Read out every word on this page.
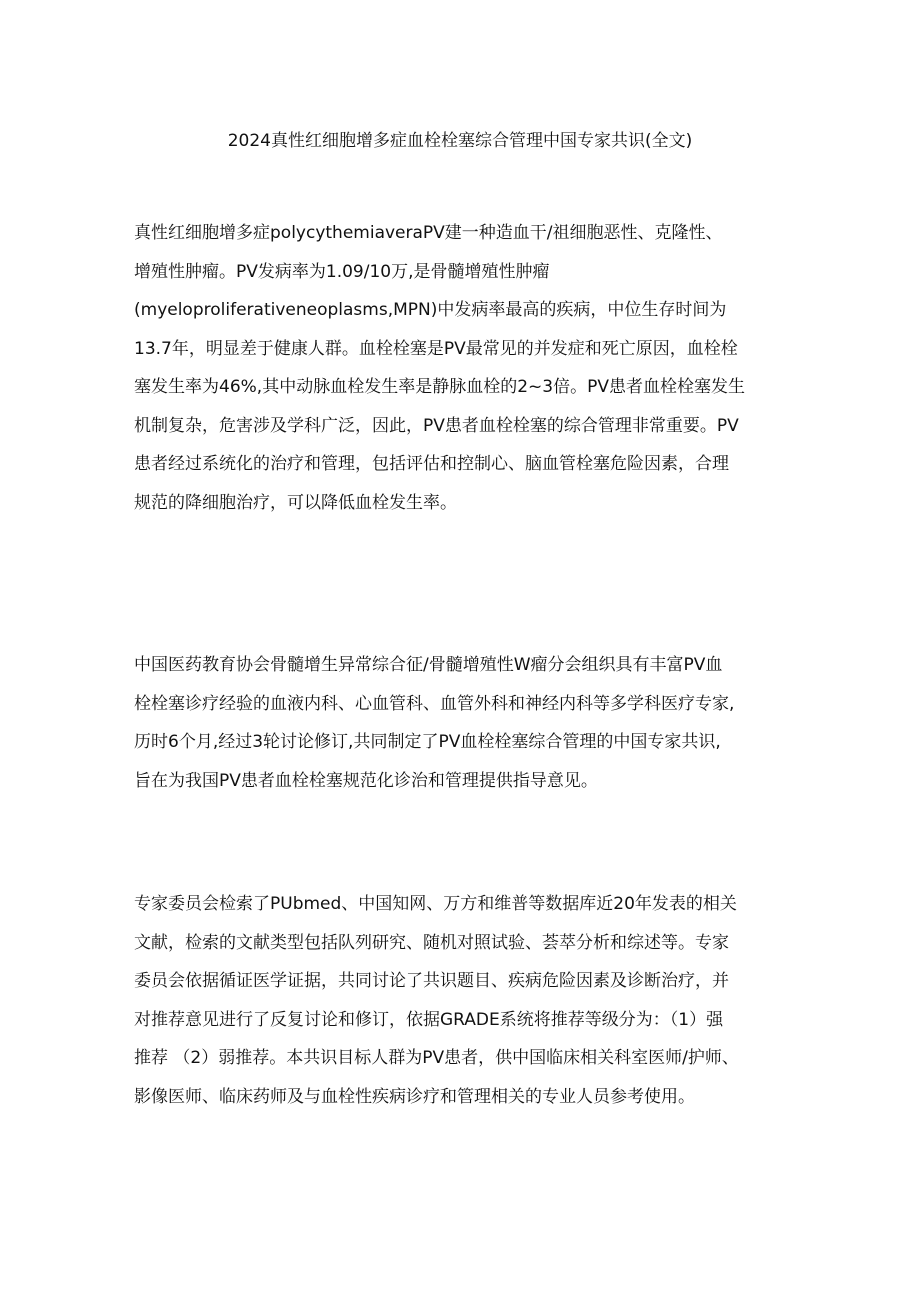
2024真性红细胞增多症血栓栓塞综合管理中国专家共识(全文)
真性红细胞增多症polycythemiaveraPV建一种造血干/祖细胞恶性、克隆性、
增殖性肿瘤。PV发病率为1.09/10万,是骨髓增殖性肿瘤
(myeloproliferativeneoplasms,MPN)中发病率最高的疾病，中位生存时间为
13.7年，明显差于健康人群。血栓栓塞是PV最常见的并发症和死亡原因，血栓栓
塞发生率为46%,其中动脉血栓发生率是静脉血栓的2~3倍。PV患者血栓栓塞发生
机制复杂，危害涉及学科广泛，因此，PV患者血栓栓塞的综合管理非常重要。PV
患者经过系统化的治疗和管理，包括评估和控制心、脑血管栓塞危险因素，合理
规范的降细胞治疗，可以降低血栓发生率。
中国医药教育协会骨髓增生异常综合征/骨髓增殖性W瘤分会组织具有丰富PV血
栓栓塞诊疗经验的血液内科、心血管科、血管外科和神经内科等多学科医疗专家,
历时6个月,经过3轮讨论修订,共同制定了PV血栓栓塞综合管理的中国专家共识,
旨在为我国PV患者血栓栓塞规范化诊治和管理提供指导意见。
专家委员会检索了PUbmed、中国知网、万方和维普等数据库近20年发表的相关
文献，检索的文献类型包括队列研究、随机对照试验、荟萃分析和综述等。专家
委员会依据循证医学证据，共同讨论了共识题目、疾病危险因素及诊断治疗，并
对推荐意见进行了反复讨论和修订，依据GRADE系统将推荐等级分为：（1）强
推荐 （2）弱推荐。本共识目标人群为PV患者，供中国临床相关科室医师/护师、
影像医师、临床药师及与血栓性疾病诊疗和管理相关的专业人员参考使用。
